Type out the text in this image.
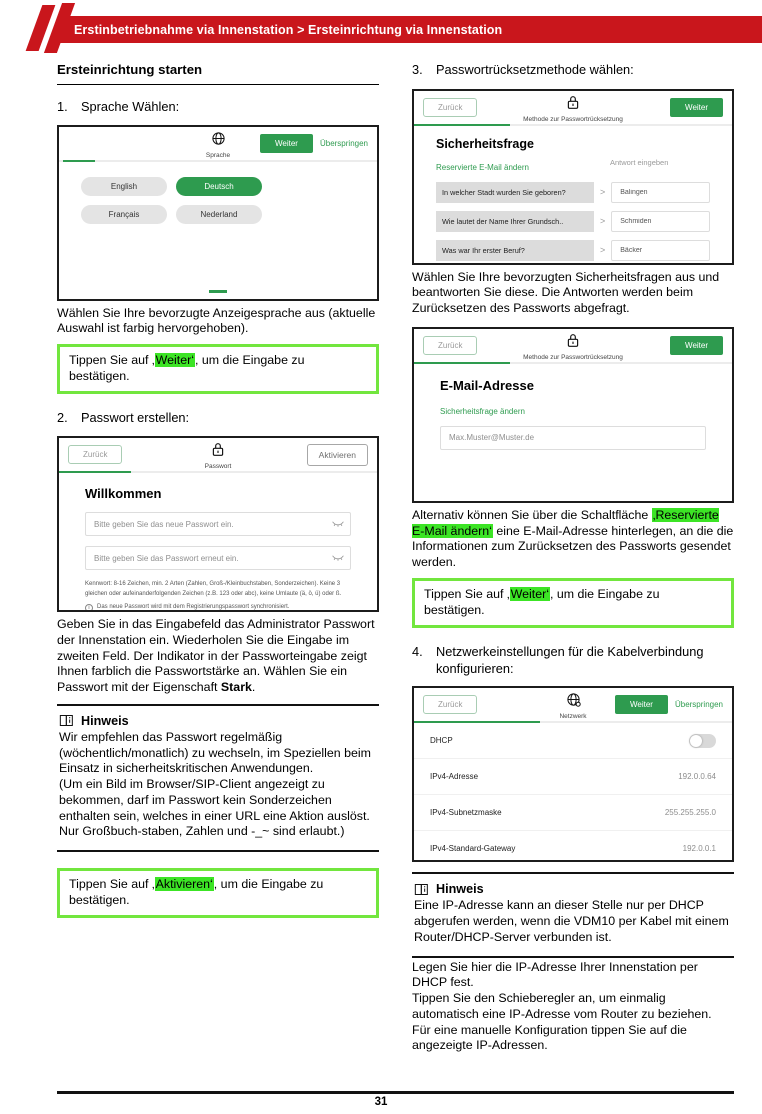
Erstinbetriebnahme via Innenstation > Ersteinrichtung via Innenstation
Ersteinrichtung starten
1.	Sprache Wählen:
Sprache
Weiter	Überspringen
English	Deutsch
Français	Nederland
Wählen Sie Ihre bevorzugte Anzeigesprache aus (aktuelle Auswahl ist farbig hervorgehoben).
Tippen Sie auf ‚Weiter‘, um die Eingabe zu bestätigen.
2.	Passwort erstellen:
Zurück
Passwort
Aktivieren
Willkommen
Bitte geben Sie das neue Passwort ein.
Bitte geben Sie das Passwort erneut ein.
Kennwort: 8-16 Zeichen, min. 2 Arten (Zahlen, Groß-/Kleinbuchstaben, Sonderzeichen). Keine 3 gleichen oder aufeinanderfolgenden Zeichen (z.B. 123 oder abc), keine Umlaute (ä, ö, ü) oder ß.
i	Das neue Passwort wird mit dem Registrierungspasswort synchronisiert.
Geben Sie in das Eingabefeld das Administrator Passwort der Innenstation ein. Wiederholen Sie die Eingabe im zweiten Feld. Der Indikator in der Passworteingabe zeigt Ihnen farblich die Passwortstärke an. Wählen Sie ein Passwort mit der Eigenschaft Stark.
Hinweis
Wir empfehlen das Passwort regelmäßig (wöchentlich/monatlich) zu wechseln, im Speziellen beim Einsatz in sicherheitskritischen Anwendungen.
(Um ein Bild im Browser/SIP-Client angezeigt zu bekommen, darf im Passwort kein Sonderzeichen enthalten sein, welches in einer URL eine Aktion auslöst. Nur Großbuch-staben, Zahlen und -_~ sind erlaubt.)
Tippen Sie auf ‚Aktivieren‘, um die Eingabe zu bestätigen.
3.	Passwortrücksetzmethode wählen:
Zurück
Methode zur Passwortrücksetzung
Weiter
Sicherheitsfrage
Reservierte E-Mail ändern
Antwort eingeben
In welcher Stadt wurden Sie geboren?	>
Balingen
Wie lautet der Name Ihrer Grundsch..	>
Schmiden
Was war Ihr erster Beruf?	>
Bäcker
Wählen Sie Ihre bevorzugten Sicherheitsfragen aus und beantworten Sie diese. Die Antworten werden beim Zurücksetzen des Passworts abgefragt.
Zurück
Methode zur Passwortrücksetzung
Weiter
E-Mail-Adresse
Sicherheitsfrage ändern Max.Muster@Muster.de
Alternativ können Sie über die Schaltfläche ‚Reservierte E-Mail ändern‘ eine E-Mail-Adresse hinterlegen, an die die Informationen zum Zurücksetzen des Passworts gesendet werden.
Tippen Sie auf ‚Weiter‘, um die Eingabe zu bestätigen.
4.	Netzwerkeinstellungen für die Kabelverbindung konfigurieren:
Zurück
Netzwerk
Weiter	Überspringen
DHCP
IPv4-Adresse	192.0.0.64
IPv4-Subnetzmaske	255.255.255.0
IPv4-Standard-Gateway	192.0.0.1
Hinweis
Eine IP-Adresse kann an dieser Stelle nur per DHCP abgerufen werden, wenn die VDM10 per Kabel mit einem Router/DHCP-Server verbunden ist.
Legen Sie hier die IP-Adresse Ihrer Innenstation per DHCP fest.
Tippen Sie den Schieberegler an, um einmalig automatisch eine IP-Adresse vom Router zu beziehen.
Für eine manuelle Konfiguration tippen Sie auf die angezeigte IP-Adressen.
31
